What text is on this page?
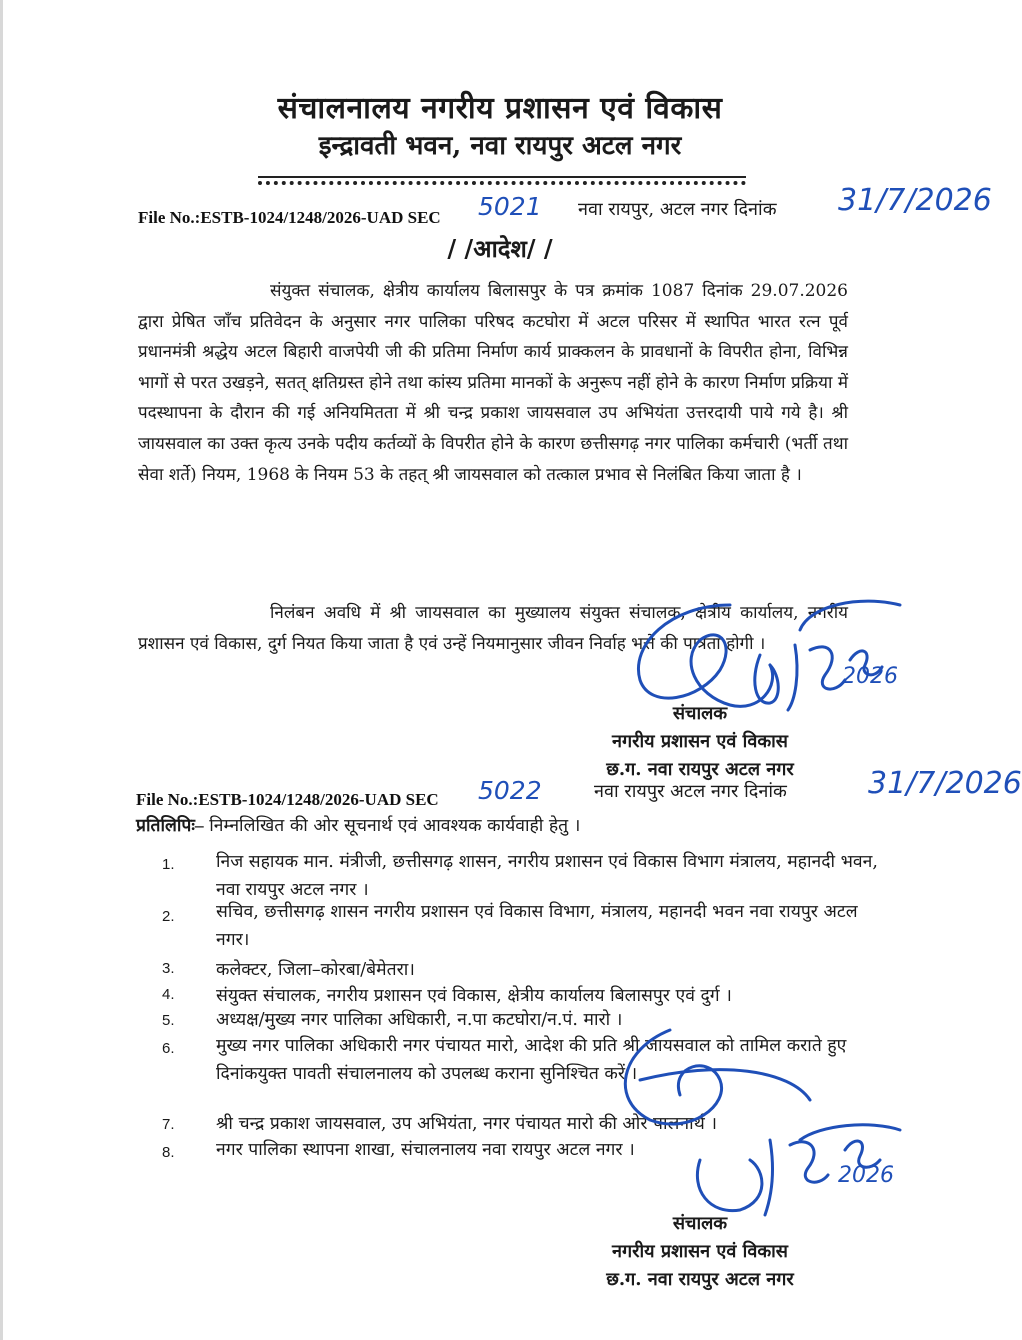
संचालनालय नगरीय प्रशासन एवं विकास
इन्द्रावती भवन, नवा रायपुर अटल नगर
File No.:ESTB-1024/1248/2026-UAD SEC 5021 नवा रायपुर, अटल नगर दिनांक 31/7/2026
/ /आदेश/ /
संयुक्त संचालक, क्षेत्रीय कार्यालय बिलासपुर के पत्र क्रमांक 1087 दिनांक 29.07.2026 द्वारा प्रेषित जाँच प्रतिवेदन के अनुसार नगर पालिका परिषद कटघोरा में अटल परिसर में स्थापित भारत रत्न पूर्व प्रधानमंत्री श्रद्धेय अटल बिहारी वाजपेयी जी की प्रतिमा निर्माण कार्य प्राक्कलन के प्रावधानों के विपरीत होना, विभिन्न भागों से परत उखड़ने, सतत् क्षतिग्रस्त होने तथा कांस्य प्रतिमा मानकों के अनुरूप नहीं होने के कारण निर्माण प्रक्रिया में पदस्थापना के दौरान की गई अनियमितता में श्री चन्द्र प्रकाश जायसवाल उप अभियंता उत्तरदायी पाये गये है। श्री जायसवाल का उक्त कृत्य उनके पदीय कर्तव्यों के विपरीत होने के कारण छत्तीसगढ़ नगर पालिका कर्मचारी (भर्ती तथा सेवा शर्ते) नियम, 1968 के नियम 53 के तहत् श्री जायसवाल को तत्काल प्रभाव से निलंबित किया जाता है ।
निलंबन अवधि में श्री जायसवाल का मुख्यालय संयुक्त संचालक, क्षेत्रीय कार्यालय, नगरीय प्रशासन एवं विकास, दुर्ग नियत किया जाता है एवं उन्हें नियमानुसार जीवन निर्वाह भत्ते की पात्रता होगी ।
संचालक
नगरीय प्रशासन एवं विकास
छ.ग. नवा रायपुर अटल नगर
2026
File No.:ESTB-1024/1248/2026-UAD SEC 5022	नवा रायपुर अटल नगर दिनांक	31/7/2026
प्रतिलिपिः– निम्नलिखित की ओर सूचनार्थ एवं आवश्यक कार्यवाही हेतु ।
1.	निज सहायक मान. मंत्रीजी, छत्तीसगढ़ शासन, नगरीय प्रशासन एवं विकास विभाग मंत्रालय, महानदी भवन, नवा रायपुर अटल नगर ।
2.	सचिव, छत्तीसगढ़ शासन नगरीय प्रशासन एवं विकास विभाग, मंत्रालय, महानदी भवन नवा रायपुर अटल नगर।
3.	कलेक्टर, जिला–कोरबा/बेमेतरा।
4.	संयुक्त संचालक, नगरीय प्रशासन एवं विकास, क्षेत्रीय कार्यालय बिलासपुर एवं दुर्ग ।
5.	अध्यक्ष/मुख्य नगर पालिका अधिकारी, न.पा कटघोरा/न.पं. मारो ।
6.	मुख्य नगर पालिका अधिकारी नगर पंचायत मारो, आदेश की प्रति श्री जायसवाल को तामिल कराते हुए दिनांकयुक्त पावती संचालनालय को उपलब्ध कराना सुनिश्चित करें ।
7.	श्री चन्द्र प्रकाश जायसवाल, उप अभियंता, नगर पंचायत मारो की ओर पालनार्थ ।
8.	नगर पालिका स्थापना शाखा, संचालनालय नवा रायपुर अटल नगर ।
संचालक
नगरीय प्रशासन एवं विकास
छ.ग. नवा रायपुर अटल नगर
2026
